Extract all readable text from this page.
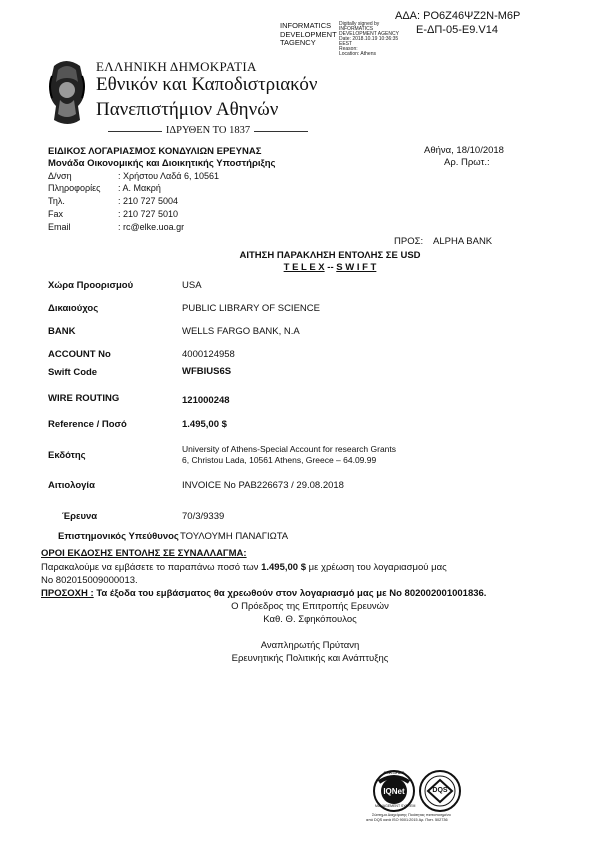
ΑΔΑ: ΡΟ6Ζ46ΨΖ2Ν-Μ6Ρ
Ε-ΔΠ-05-Ε9.V14
INFORMATICS
DEVELOPMENT
TAGENCY
Digitally signed by
INFORMATICS
DEVELOPMENT AGENCY
Date: 2018.10.19 10:36:35
EEST
Reason:
Location: Athens
ΕΛΛΗΝΙΚΗ ΔΗΜΟΚΡΑΤΙΑ
Εθνικόν και Καποδιστριακόν
Πανεπιστήμιον Αθηνών
ΙΔΡΥΘΕΝ ΤΟ 1837
ΕΙΔΙΚΟΣ ΛΟΓΑΡΙΑΣΜΟΣ ΚΟΝΔΥΛΙΩΝ ΕΡΕΥΝΑΣ
Μονάδα Οικονομικής και Διοικητικής Υποστήριξης
Δ/νση	: Χρήστου Λαδά 6, 10561
Πληροφορίες	: Α. Μακρή
Τηλ.	: 210 727 5004
Fax	: 210 727 5010
Email	: rc@elke.uoa.gr
Αθήνα, 18/10/2018
Αρ. Πρωτ.:
ΠΡΟΣ: ALPHA BANK
ΑΙΤΗΣΗ ΠΑΡΑΚΛΗΣΗ ΕΝΤΟΛΗΣ ΣΕ USD
T E L E X -- S W I F T
Χώρα Προορισμού	USA
Δικαιούχος	PUBLIC LIBRARY OF SCIENCE
BANK	WELLS FARGO BANK, N.A
ACCOUNT No	4000124958
Swift Code	WFBIUS6S
WIRE ROUTING	121000248
Reference / Ποσό	1.495,00 $
Εκδότης
University of Athens-Special Account for research Grants
6, Christou Lada, 10561 Athens, Greece – 64.09.99
Αιτιολογία	INVOICE No PAB226673 / 29.08.2018
Έρευνα	70/3/9339
Επιστημονικός Υπεύθυνος ΤΟΥΛΟΥΜΗ ΠΑΝΑΓΙΩΤΑ
ΟΡΟΙ ΕΚΔΟΣΗΣ ΕΝΤΟΛΗΣ ΣΕ ΣΥΝΑΛΛΑΓΜΑ:
Παρακαλούμε να εμβάσετε το παραπάνω ποσό των 1.495,00 $ με χρέωση του λογαριασμού μας
Νο 802015009000013.
ΠΡΟΣΟΧΗ : Τα έξοδα του εμβάσματος θα χρεωθούν στον λογαριασμό μας με Νο 802002001001836.
Ο Πρόεδρος της Επιτροπής Ερευνών
Καθ. Θ. Σφηκόπουλος
Αναπληρωτής Πρύτανη
Ερευνητικής Πολιτικής και Ανάπτυξης
CERTIFIED
IQNet
MANAGEMENT SYSTEM
DQS
Σύστημα Διαχείρισης Ποιότητας πιστοποιημένο
από DQS κατά ISO 9001:2015 Αρ. Πιστ. 502736
